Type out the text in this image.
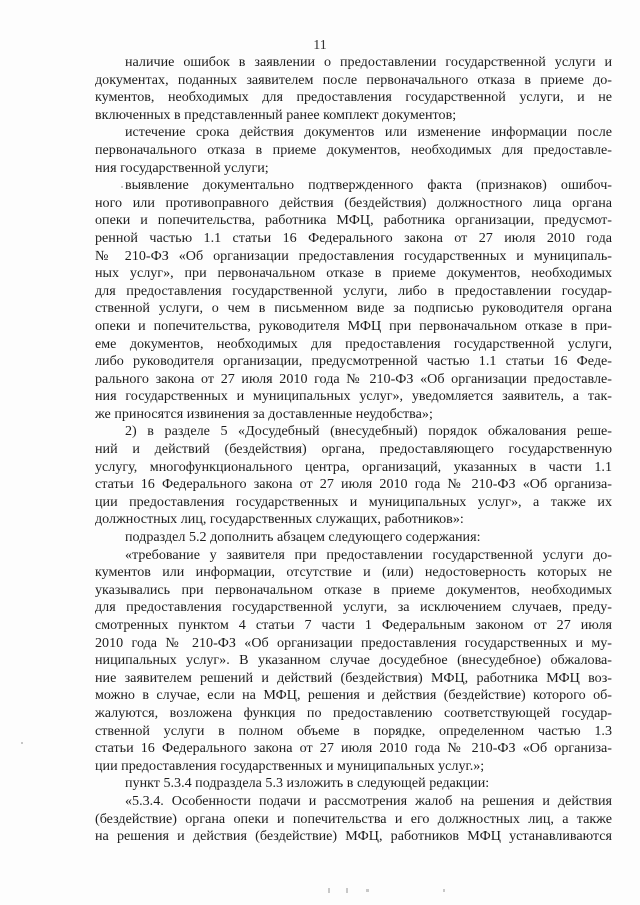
11
наличие ошибок в заявлении о предоставлении государственной услуги и
документах, поданных заявителем после первоначального отказа в приеме до-
кументов, необходимых для предоставления государственной услуги, и не
включенных в представленный ранее комплект документов;
истечение срока действия документов или изменение информации после
первоначального отказа в приеме документов, необходимых для предоставле-
ния государственной услуги;
выявление документально подтвержденного факта (признаков) ошибоч-
ного или противоправного действия (бездействия) должностного лица органа
опеки и попечительства, работника МФЦ, работника организации, предусмот-
ренной частью 1.1 статьи 16 Федерального закона от 27 июля 2010 года
№ 210-ФЗ «Об организации предоставления государственных и муниципаль-
ных услуг», при первоначальном отказе в приеме документов, необходимых
для предоставления государственной услуги, либо в предоставлении государ-
ственной услуги, о чем в письменном виде за подписью руководителя органа
опеки и попечительства, руководителя МФЦ при первоначальном отказе в при-
еме документов, необходимых для предоставления государственной услуги,
либо руководителя организации, предусмотренной частью 1.1 статьи 16 Феде-
рального закона от 27 июля 2010 года № 210-ФЗ «Об организации предоставле-
ния государственных и муниципальных услуг», уведомляется заявитель, а так-
же приносятся извинения за доставленные неудобства»;
2) в разделе 5 «Досудебный (внесудебный) порядок обжалования реше-
ний и действий (бездействия) органа, предоставляющего государственную
услугу, многофункционального центра, организаций, указанных в части 1.1
статьи 16 Федерального закона от 27 июля 2010 года № 210-ФЗ «Об организа-
ции предоставления государственных и муниципальных услуг», а также их
должностных лиц, государственных служащих, работников»:
подраздел 5.2 дополнить абзацем следующего содержания:
«требование у заявителя при предоставлении государственной услуги до-
кументов или информации, отсутствие и (или) недостоверность которых не
указывались при первоначальном отказе в приеме документов, необходимых
для предоставления государственной услуги, за исключением случаев, преду-
смотренных пунктом 4 статьи 7 части 1 Федеральным законом от 27 июля
2010 года № 210-ФЗ «Об организации предоставления государственных и му-
ниципальных услуг». В указанном случае досудебное (внесудебное) обжалова-
ние заявителем решений и действий (бездействия) МФЦ, работника МФЦ воз-
можно в случае, если на МФЦ, решения и действия (бездействие) которого об-
жалуются, возложена функция по предоставлению соответствующей государ-
ственной услуги в полном объеме в порядке, определенном частью 1.3
статьи 16 Федерального закона от 27 июля 2010 года № 210-ФЗ «Об организа-
ции предоставления государственных и муниципальных услуг.»;
пункт 5.3.4 подраздела 5.3 изложить в следующей редакции:
«5.3.4. Особенности подачи и рассмотрения жалоб на решения и действия
(бездействие) органа опеки и попечительства и его должностных лиц, а также
на решения и действия (бездействие) МФЦ, работников МФЦ устанавливаются
